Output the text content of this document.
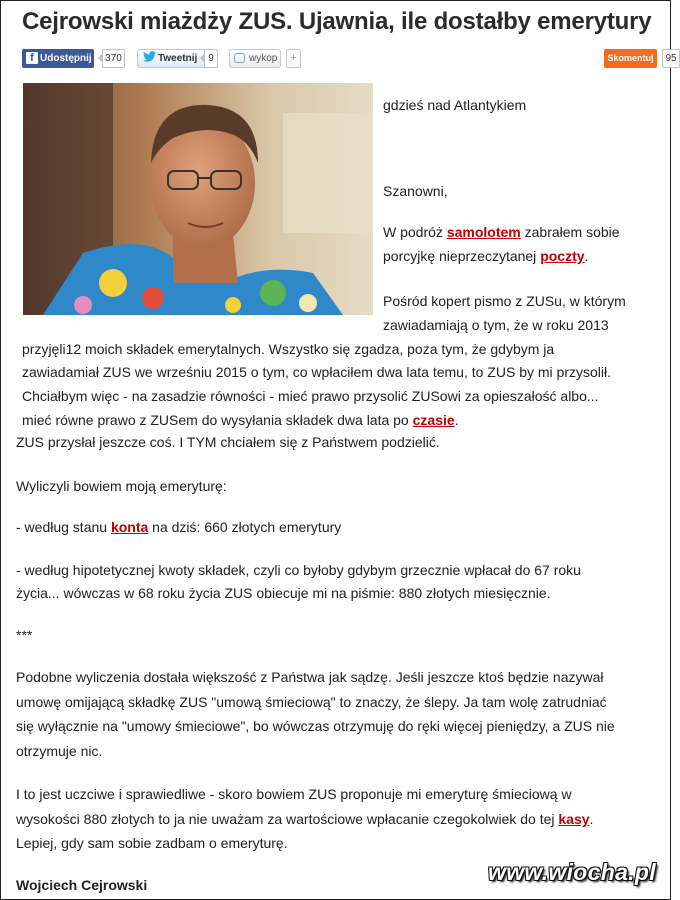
Cejrowski miażdży ZUS. Ujawnia, ile dostałby emerytury
f Udostępnij	370	Tweetnij	9	wykop	+	Skomentuj	95

gdzieś nad Atlantykiem

Szanowni,

W podróż samolotem zabrałem sobie

porcyjkę nieprzeczytanej poczty.

Pośród kopert pismo z ZUSu, w którym

zawiadamiają o tym, że w roku 2013

przyjęli12 moich składek emerytalnych. Wszystko się zgadza, poza tym, że gdybym ja

zawiadamiał ZUS we wrześniu 2015 o tym, co wpłaciłem dwa lata temu, to ZUS by mi przysolił.

Chciałbym więc - na zasadzie równości - mieć prawo przysolić ZUSowi za opieszałość albo...

mieć równe prawo z ZUSem do wysyłania składek dwa lata po czasie.

ZUS przysłał jeszcze coś. I TYM chciałem się z Państwem podzielić.

Wyliczyli bowiem moją emeryturę:

- według stanu konta na dziś: 660 złotych emerytury

- według hipotetycznej kwoty składek, czyli co byłoby gdybym grzecznie wpłacał do 67 roku

życia... wówczas w 68 roku życia ZUS obiecuje mi na piśmie: 880 złotych miesięcznie.

***

Podobne wyliczenia dostała większość z Państwa jak sądzę. Jeśli jeszcze ktoś będzie nazywał

umowę omijającą składkę ZUS "umową śmieciową" to znaczy, że ślepy. Ja tam wolę zatrudniać

się wyłącznie na "umowy śmieciowe", bo wówczas otrzymuję do ręki więcej pieniędzy, a ZUS nie

otrzymuje nic.

I to jest uczciwe i sprawiedliwe - skoro bowiem ZUS proponuje mi emeryturę śmieciową w

wysokości 880 złotych to ja nie uważam za wartościowe wpłacanie czegokolwiek do tej kasy.

Lepiej, gdy sam sobie zadbam o emeryturę.

Wojciech Cejrowski	www.wiocha.pl
